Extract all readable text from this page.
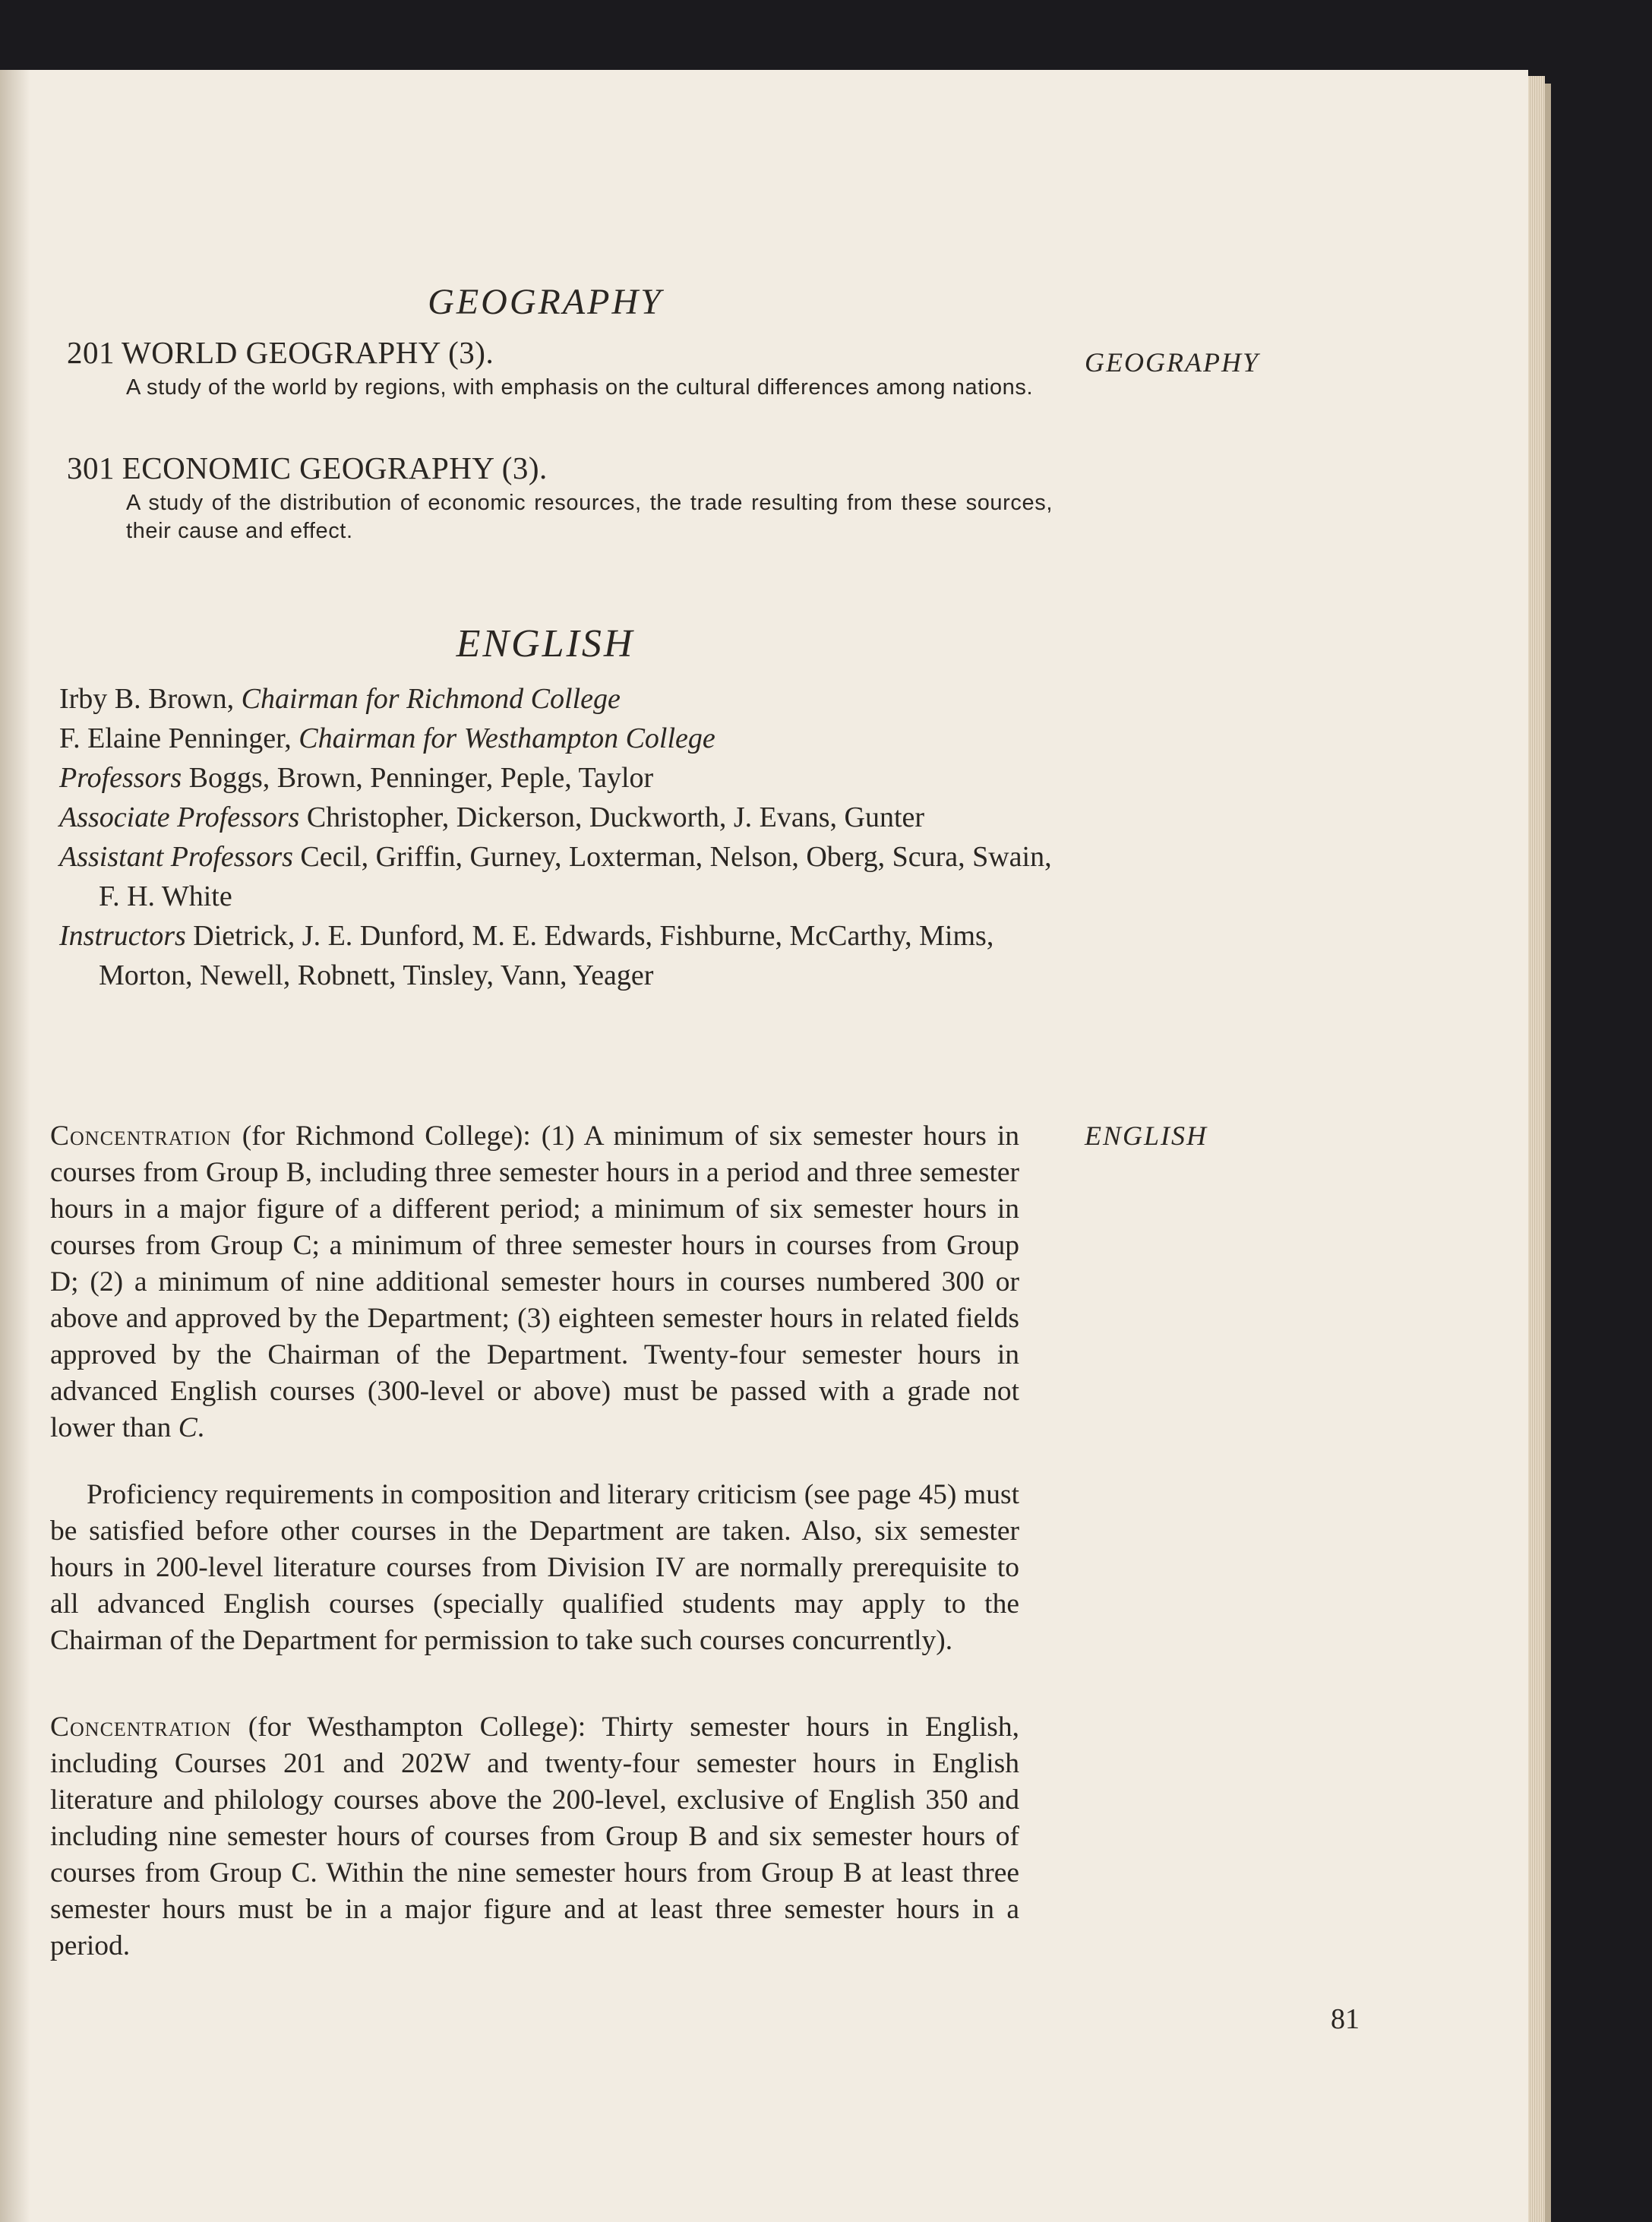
GEOGRAPHY
GEOGRAPHY
201 WORLD GEOGRAPHY (3).
A study of the world by regions, with emphasis on the cultural differences among nations.
301 ECONOMIC GEOGRAPHY (3).
A study of the distribution of economic resources, the trade resulting from these sources, their cause and effect.
ENGLISH
ENGLISH
Irby B. Brown, Chairman for Richmond College
F. Elaine Penninger, Chairman for Westhampton College
Professors Boggs, Brown, Penninger, Peple, Taylor
Associate Professors Christopher, Dickerson, Duckworth, J. Evans, Gunter
Assistant Professors Cecil, Griffin, Gurney, Loxterman, Nelson, Oberg, Scura, Swain, F. H. White
Instructors Dietrick, J. E. Dunford, M. E. Edwards, Fishburne, McCarthy, Mims, Morton, Newell, Robnett, Tinsley, Vann, Yeager
Concentration (for Richmond College): (1) A minimum of six semester hours in courses from Group B, including three semester hours in a period and three semester hours in a major figure of a different period; a minimum of six semester hours in courses from Group C; a minimum of three semester hours in courses from Group D; (2) a minimum of nine additional semester hours in courses numbered 300 or above and approved by the Department; (3) eighteen semester hours in related fields approved by the Chairman of the Department. Twenty-four semester hours in advanced English courses (300-level or above) must be passed with a grade not lower than C.
Proficiency requirements in composition and literary criticism (see page 45) must be satisfied before other courses in the Department are taken. Also, six semester hours in 200-level literature courses from Division IV are normally prerequisite to all advanced English courses (specially qualified students may apply to the Chairman of the Department for permission to take such courses concurrently).
Concentration (for Westhampton College): Thirty semester hours in English, including Courses 201 and 202W and twenty-four semester hours in English literature and philology courses above the 200-level, exclusive of English 350 and including nine semester hours of courses from Group B and six semester hours of courses from Group C. Within the nine semester hours from Group B at least three semester hours must be in a major figure and at least three semester hours in a period.
81
